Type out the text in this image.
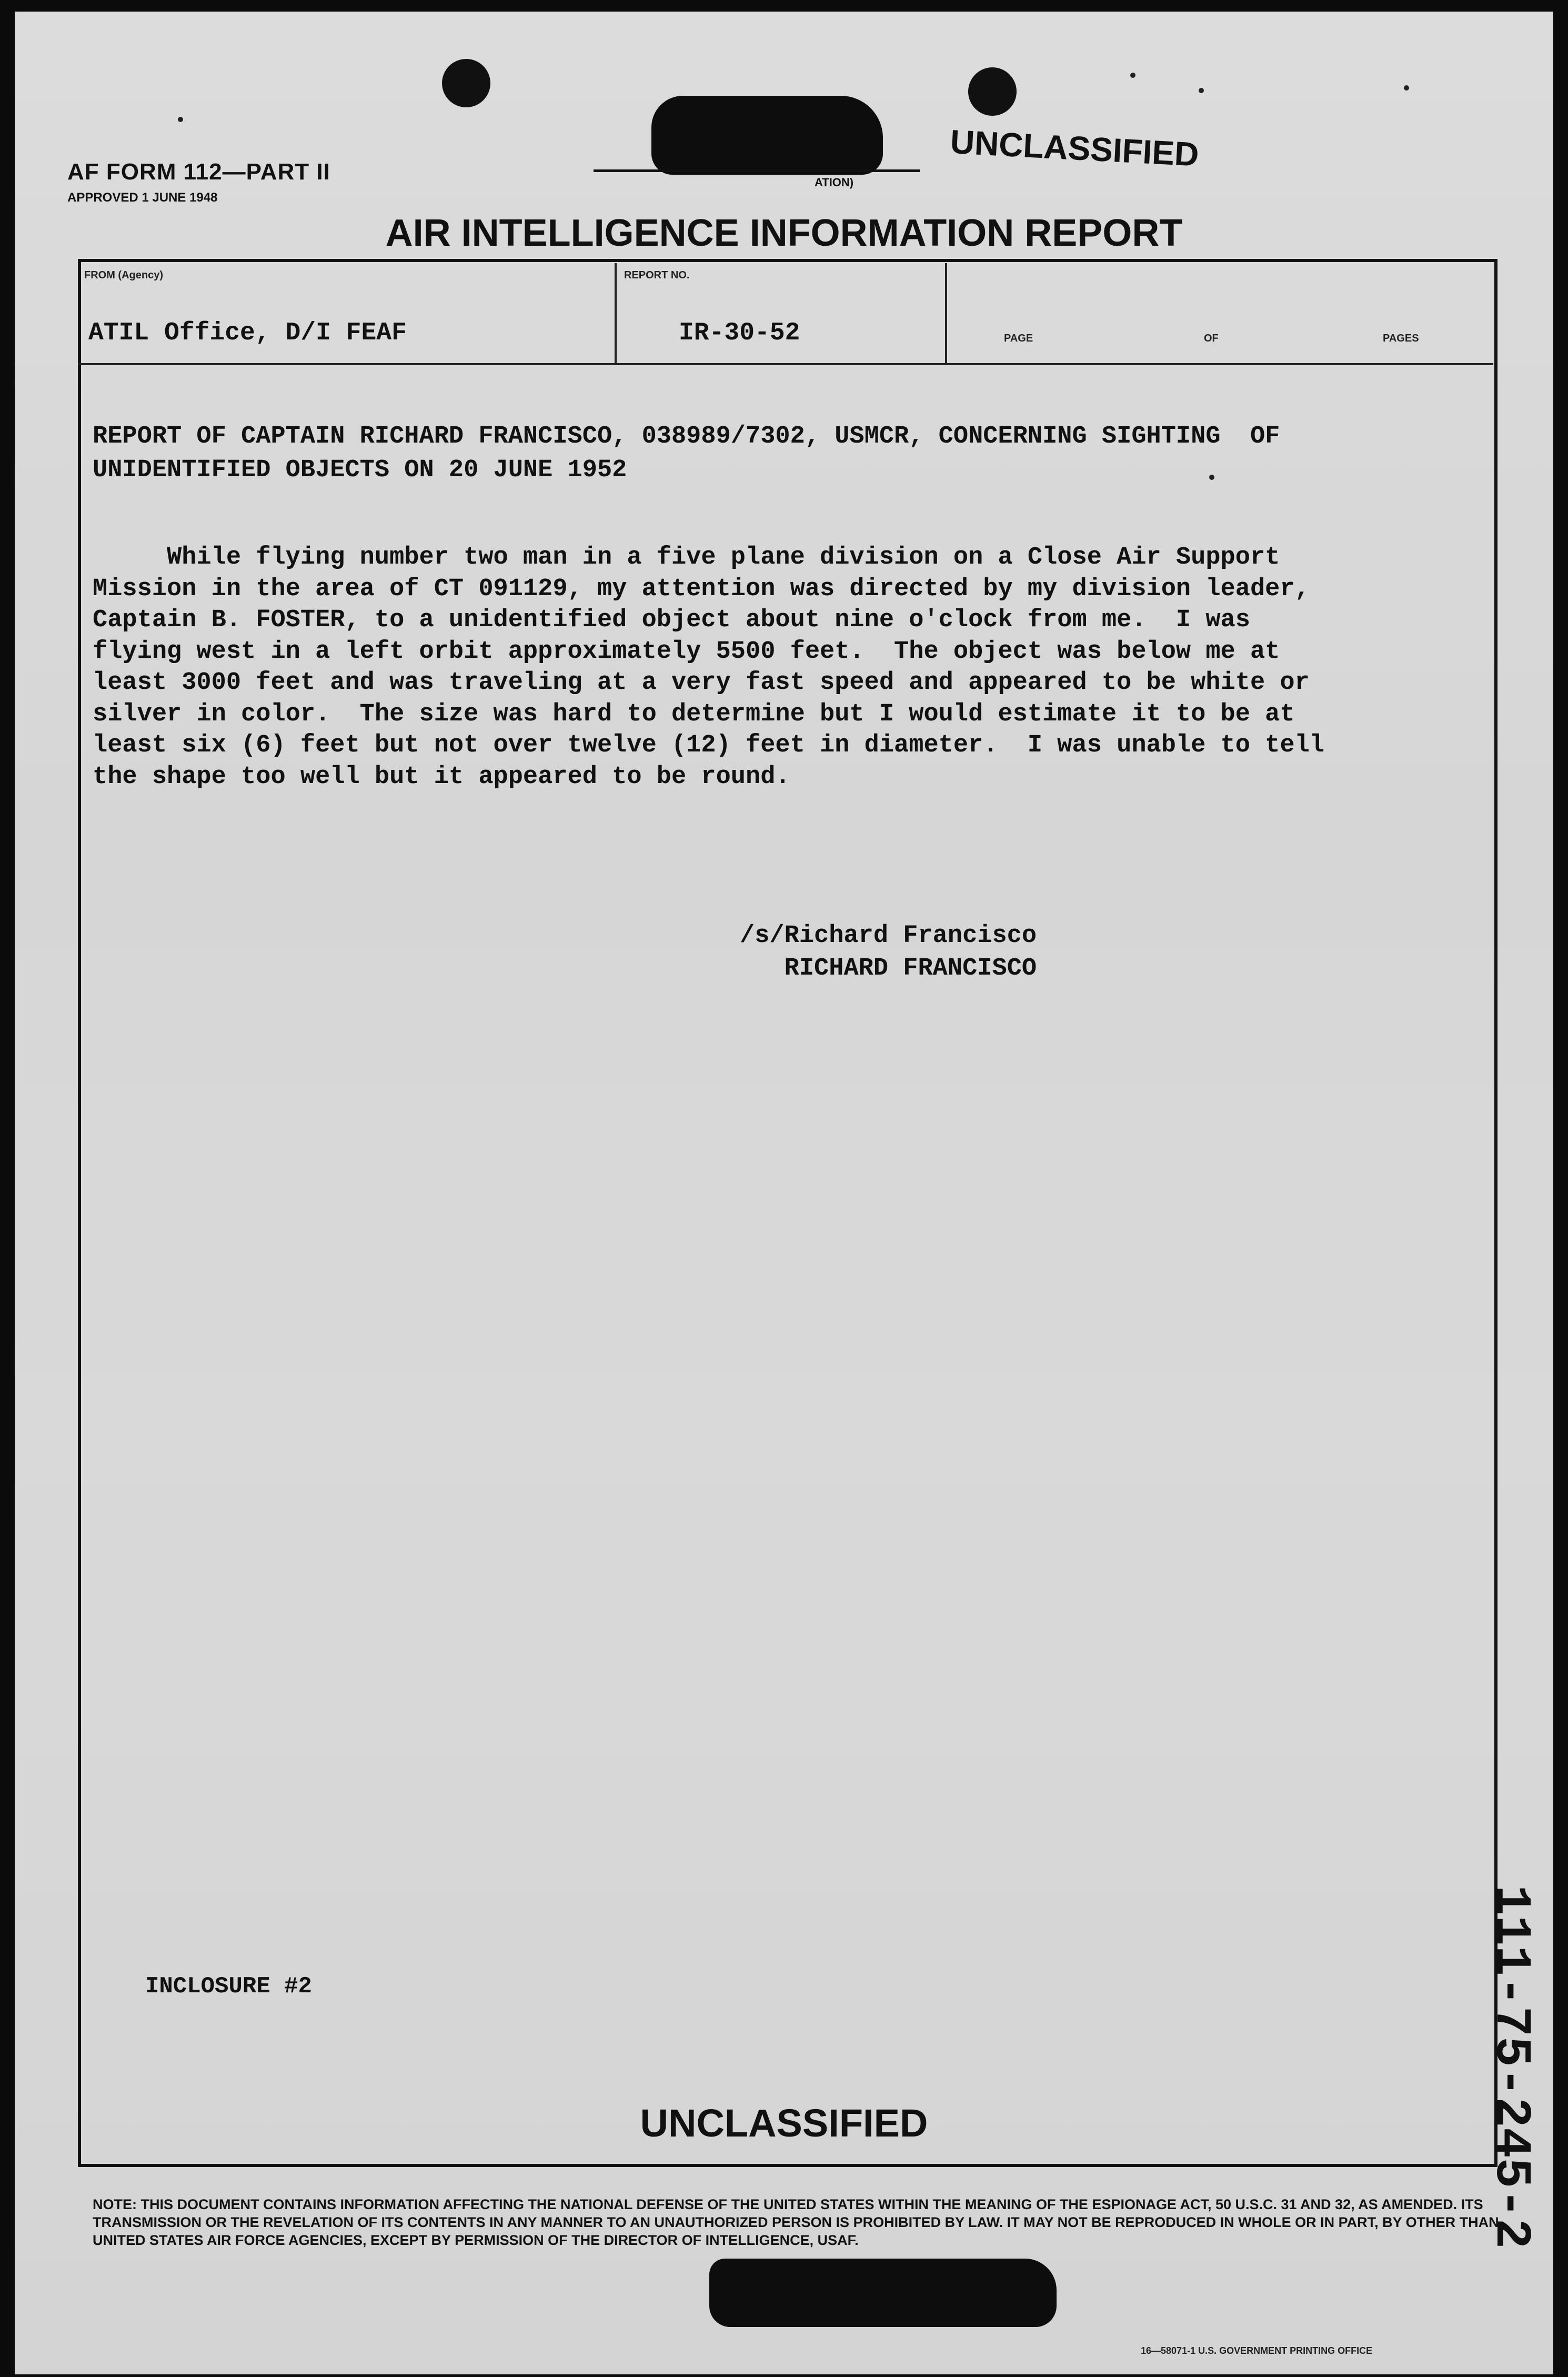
AF FORM 112—PART II
APPROVED 1 JUNE 1948
ATION)
UNCLASSIFIED
AIR INTELLIGENCE INFORMATION REPORT
FROM (Agency)
ATIL Office, D/I FEAF
REPORT NO.
IR-30-52	PAGE	OF	PAGES
REPORT OF CAPTAIN RICHARD FRANCISCO, 038989/7302, USMCR, CONCERNING SIGHTING  OF
UNIDENTIFIED OBJECTS ON 20 JUNE 1952
While flying number two man in a five plane division on a Close Air Support
Mission in the area of CT 091129, my attention was directed by my division leader,
Captain B. FOSTER, to a unidentified object about nine o'clock from me.  I was
flying west in a left orbit approximately 5500 feet.  The object was below me at
least 3000 feet and was traveling at a very fast speed and appeared to be white or
silver in color.  The size was hard to determine but I would estimate it to be at
least six (6) feet but not over twelve (12) feet in diameter.  I was unable to tell
the shape too well but it appeared to be round.
/s/Richard Francisco
RICHARD FRANCISCO
INCLOSURE #2
UNCLASSIFIED	111-75-245-2
NOTE: THIS DOCUMENT CONTAINS INFORMATION AFFECTING THE NATIONAL DEFENSE OF THE UNITED STATES WITHIN THE MEANING OF THE ESPIONAGE ACT, 50 U.S.C. 31 AND 32, AS AMENDED. ITS TRANSMISSION OR THE REVELATION OF ITS CONTENTS IN ANY MANNER TO AN UNAUTHORIZED PERSON IS PROHIBITED BY LAW. IT MAY NOT BE REPRODUCED IN WHOLE OR IN PART, BY OTHER THAN UNITED STATES AIR FORCE AGENCIES, EXCEPT BY PERMISSION OF THE DIRECTOR OF INTELLIGENCE, USAF.
16—58071-1 U.S. GOVERNMENT PRINTING OFFICE
